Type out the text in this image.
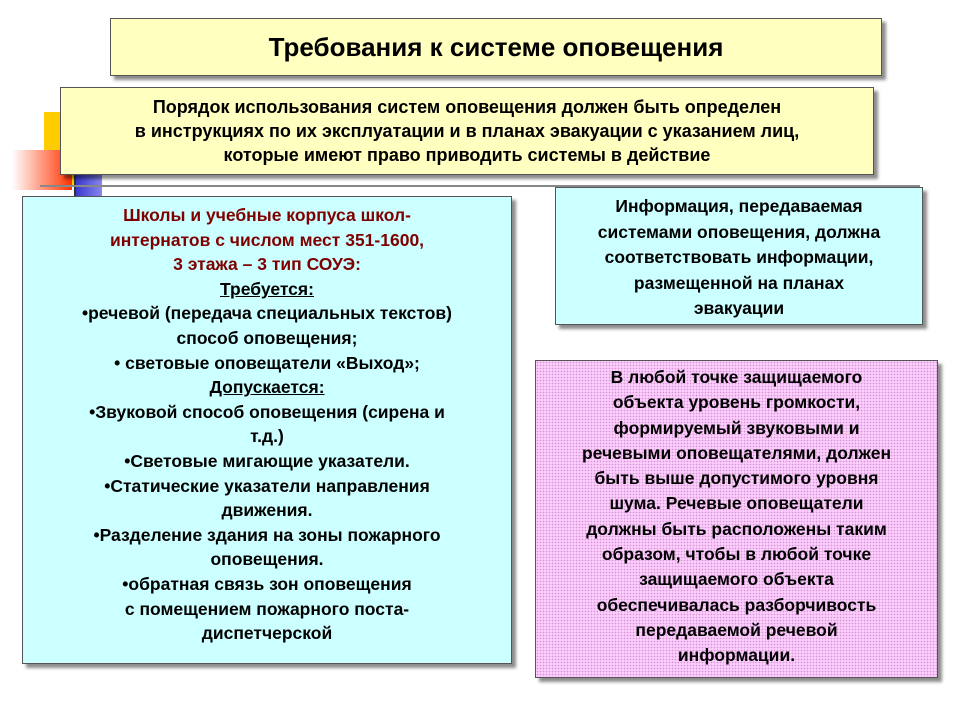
Требования к системе оповещения
Порядок использования систем оповещения должен быть определен
в инструкциях по их эксплуатации и в планах эвакуации с указанием лиц,
которые имеют право приводить системы в действие
Школы и учебные корпуса школ-
интернатов с числом мест 351-1600,
3 этажа – 3 тип СОУЭ:
Требуется:
•речевой (передача специальных текстов)
способ оповещения;
• световые оповещатели «Выход»;
Допускается:
•Звуковой способ оповещения (сирена и
т.д.)
•Световые мигающие указатели.
•Статические указатели направления
движения.
•Разделение здания на зоны пожарного
оповещения.
•обратная связь зон оповещения
с помещением пожарного поста-
диспетчерской
Информация, передаваемая
системами оповещения, должна
соответствовать информации,
размещенной на планах
эвакуации
В любой точке защищаемого
объекта уровень громкости,
формируемый звуковыми и
речевыми оповещателями, должен
быть выше допустимого уровня
шума. Речевые оповещатели
должны быть расположены таким
образом, чтобы в любой точке
защищаемого объекта
обеспечивалась разборчивость
передаваемой речевой
информации.
